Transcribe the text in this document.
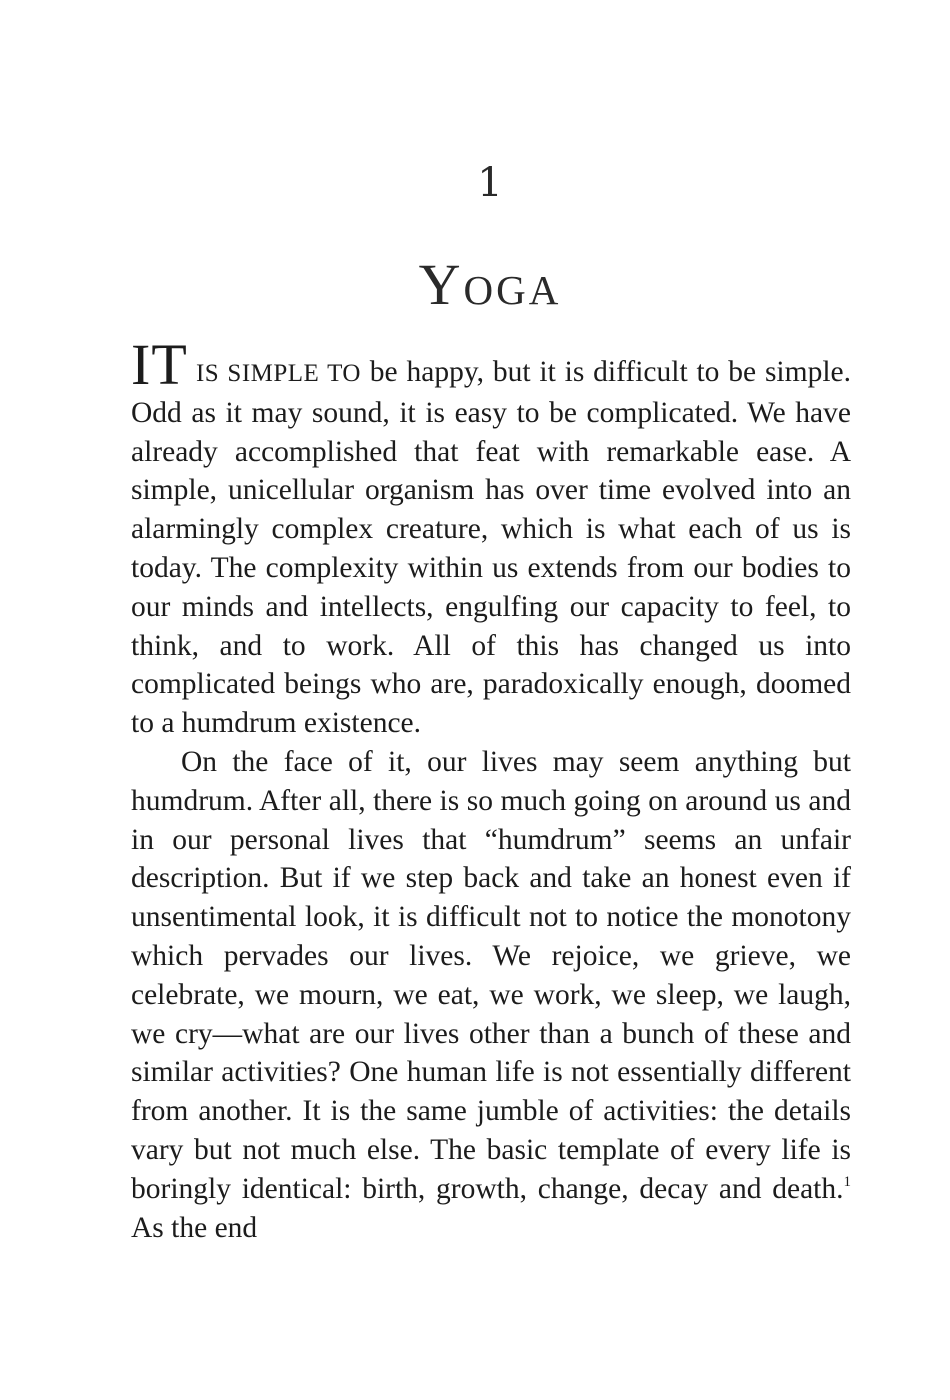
1
Yoga

IT IS SIMPLE TO be happy, but it is difficult to be simple. Odd as it may sound, it is easy to be complicated. We have already accomplished that feat with remarkable ease. A simple, unicellular organism has over time evolved into an alarmingly complex creature, which is what each of us is today. The complexity within us extends from our bodies to our minds and intellects, engulfing our capacity to feel, to think, and to work. All of this has changed us into complicated beings who are, paradoxically enough, doomed to a humdrum existence.

On the face of it, our lives may seem anything but humdrum. After all, there is so much going on around us and in our personal lives that “humdrum” seems an unfair description. But if we step back and take an honest even if unsentimental look, it is difficult not to notice the monotony which pervades our lives. We rejoice, we grieve, we celebrate, we mourn, we eat, we work, we sleep, we laugh, we cry—what are our lives other than a bunch of these and similar activities? One human life is not essentially different from another. It is the same jumble of activities: the details vary but not much else. The basic template of every life is boringly identical: birth, growth, change, decay and death.$^1$ As the end
